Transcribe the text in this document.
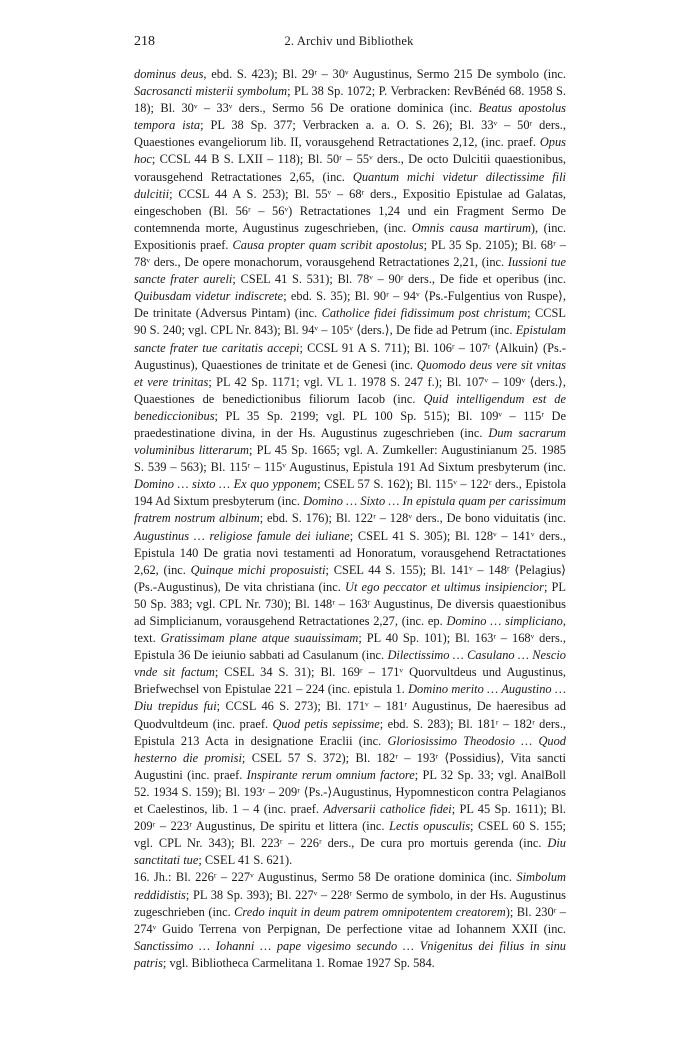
218	2. Archiv und Bibliothek

dominus deus, ebd. S. 423); Bl. 29ʳ – 30ᵛ Augustinus, Sermo 215 De symbolo (inc. Sacrosancti misterii symbolum; PL 38 Sp. 1072; P. Verbracken: RevBénéd 68. 1958 S. 18); Bl. 30ᵛ – 33ᵛ ders., Sermo 56 De oratione dominica (inc. Beatus apostolus tempora ista; PL 38 Sp. 377; Verbracken a. a. O. S. 26); Bl. 33ᵛ – 50ʳ ders., Quaestiones evangeliorum lib. II, vorausgehend Retractationes 2,12, (inc. praef. Opus hoc; CCSL 44 B S. LXII – 118); Bl. 50ʳ – 55ᵛ ders., De octo Dulcitii quaestionibus, vorausgehend Retractationes 2,65, (inc. Quantum michi videtur dilectissime fili dulcitii; CCSL 44 A S. 253); Bl. 55ᵛ – 68ʳ ders., Expositio Epistulae ad Galatas, eingeschoben (Bl. 56ʳ – 56ᵛ) Retractationes 1,24 und ein Fragment Sermo De contemnenda morte, Augustinus zugeschrieben, (inc. Omnis causa martirum), (inc. Expositionis praef. Causa propter quam scribit apostolus; PL 35 Sp. 2105); Bl. 68ʳ – 78ᵛ ders., De opere monachorum, vorausgehend Retractationes 2,21, (inc. Iussioni tue sancte frater aureli; CSEL 41 S. 531); Bl. 78ᵛ – 90ʳ ders., De fide et operibus (inc. Quibusdam videtur indiscrete; ebd. S. 35); Bl. 90ʳ – 94ᵛ ⟨Ps.-Fulgentius von Ruspe⟩, De trinitate (Adversus Pintam) (inc. Catholice fidei fidissimum post christum; CCSL 90 S. 240; vgl. CPL Nr. 843); Bl. 94ᵛ – 105ᵛ ⟨ders.⟩, De fide ad Petrum (inc. Epistulam sancte frater tue caritatis accepi; CCSL 91 A S. 711); Bl. 106ʳ – 107ʳ ⟨Alkuin⟩ (Ps.-Augustinus), Quaestiones de trinitate et de Genesi (inc. Quomodo deus vere sit vnitas et vere trinitas; PL 42 Sp. 1171; vgl. VL 1. 1978 S. 247 f.); Bl. 107ᵛ – 109ᵛ ⟨ders.⟩, Quaestiones de benedictionibus filiorum Iacob (inc. Quid intelligendum est de benediccionibus; PL 35 Sp. 2199; vgl. PL 100 Sp. 515); Bl. 109ᵛ – 115ʳ De praedestinatione divina, in der Hs. Augustinus zugeschrieben (inc. Dum sacrarum voluminibus litterarum; PL 45 Sp. 1665; vgl. A. Zumkeller: Augustinianum 25. 1985 S. 539 – 563); Bl. 115ʳ – 115ᵛ Augustinus, Epistula 191 Ad Sixtum presbyterum (inc. Domino … sixto … Ex quo ypponem; CSEL 57 S. 162); Bl. 115ᵛ – 122ʳ ders., Epistola 194 Ad Sixtum presbyterum (inc. Domino … Sixto … In epistula quam per carissimum fratrem nostrum albinum; ebd. S. 176); Bl. 122ʳ – 128ᵛ ders., De bono viduitatis (inc. Augustinus … religiose famule dei iuliane; CSEL 41 S. 305); Bl. 128ᵛ – 141ᵛ ders., Epistula 140 De gratia novi testamenti ad Honoratum, vorausgehend Retractationes 2,62, (inc. Quinque michi proposuisti; CSEL 44 S. 155); Bl. 141ᵛ – 148ʳ ⟨Pelagius⟩ (Ps.-Augustinus), De vita christiana (inc. Ut ego peccator et ultimus insipiencior; PL 50 Sp. 383; vgl. CPL Nr. 730); Bl. 148ʳ – 163ʳ Augustinus, De diversis quaestionibus ad Simplicianum, vorausgehend Retractationes 2,27, (inc. ep. Domino … simpliciano, text. Gratissimam plane atque suauissimam; PL 40 Sp. 101); Bl. 163ʳ – 168ᵛ ders., Epistula 36 De ieiunio sabbati ad Casulanum (inc. Dilectissimo … Casulano … Nescio vnde sit factum; CSEL 34 S. 31); Bl. 169ʳ – 171ᵛ Quorvultdeus und Augustinus, Briefwechsel von Epistulae 221 – 224 (inc. epistula 1. Domino merito … Augustino … Diu trepidus fui; CCSL 46 S. 273); Bl. 171ᵛ – 181ʳ Augustinus, De haeresibus ad Quodvultdeum (inc. praef. Quod petis sepissime; ebd. S. 283); Bl. 181ʳ – 182ʳ ders., Epistula 213 Acta in designatione Eraclii (inc. Gloriosissimo Theodosio … Quod hesterno die promisi; CSEL 57 S. 372); Bl. 182ʳ – 193ʳ ⟨Possidius⟩, Vita sancti Augustini (inc. praef. Inspirante rerum omnium factore; PL 32 Sp. 33; vgl. AnalBoll 52. 1934 S. 159); Bl. 193ʳ – 209ʳ ⟨Ps.-⟩Augustinus, Hypomnesticon contra Pelagianos et Caelestinos, lib. 1 – 4 (inc. praef. Adversarii catholice fidei; PL 45 Sp. 1611); Bl. 209ʳ – 223ʳ Augustinus, De spiritu et littera (inc. Lectis opusculis; CSEL 60 S. 155; vgl. CPL Nr. 343); Bl. 223ʳ – 226ʳ ders., De cura pro mortuis gerenda (inc. Diu sanctitati tue; CSEL 41 S. 621).

16. Jh.: Bl. 226ʳ – 227ᵛ Augustinus, Sermo 58 De oratione dominica (inc. Simbolum reddidistis; PL 38 Sp. 393); Bl. 227ᵛ – 228ʳ Sermo de symbolo, in der Hs. Augustinus zugeschrieben (inc. Credo inquit in deum patrem omnipotentem creatorem); Bl. 230ʳ – 274ᵛ Guido Terrena von Perpignan, De perfectione vitae ad Iohannem XXII (inc. Sanctissimo … Iohanni … pape vigesimo secundo … Vnigenitus dei filius in sinu patris; vgl. Bibliotheca Carmelitana 1. Romae 1927 Sp. 584.
